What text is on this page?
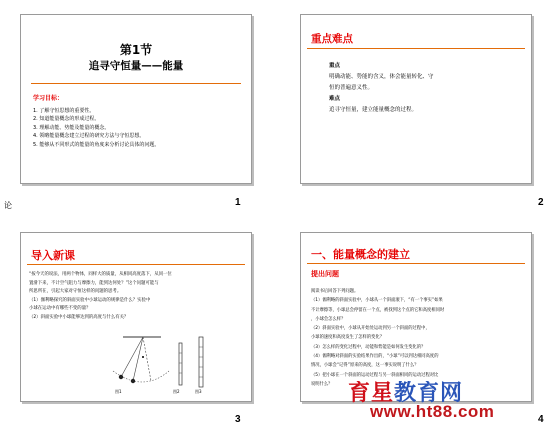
论
第1节
追寻守恒量——能量
学习目标：
1. 了解守恒思想的重要性。
2. 知道能量概念的形成过程。
3. 理解动能、势能及能量的概念。
4. 领略能量概念建立过程的研究方法与守恒思想。
5. 能够从不同形式的能量的角度来分析讨论具体的问题。
1
重点难点
重点
明确动能、势能的含义，体会能量转化、守
恒的普遍意义性。
难点
追寻守恒量，建立能量概念的过程。
2
导入新课
“按今天的说法，用两个物体，同样大的质量，从相同高度落下，从同一位
置滑下来，不计空气阻力与摩擦力，能到达何处？”这个问题可能与
所思所在，引起大家对守恒这样的问题的思考。
（1）伽利略探究的斜面实验中小球运动的规律是什么？实验中
小球在运动中有哪些不变的量？
（2）斜面实验中小球能够达到的高度与什么有关？
图1	图2	图3
3
一、能量概念的建立
提出问题
阅读书后回答下列问题。
（1）伽利略的斜面实验中，小球从一个斜面滚下，“有一个事实”如果
不计摩擦等，小球总会停留在一个点，被找到这个点的它和高度相同时
，小球会怎么样？
（2）斜面实验中，小球从开始处运动到另一个斜面的过程中，
小球的速度和高度发生了怎样的变化？
（3）怎么样的变化过程中，动能和势能是如何发生变化的？
（4）伽利略对斜面的实验结果作出的，“小球”可以到达相同高度的
情况，小球会“记得”原来的高度，这一事实说明了什么？
（5）把小球在一个斜面的运动过程与另一斜面相同的运动过程对比
说明什么？
4
育星教育网
www.ht88.com
